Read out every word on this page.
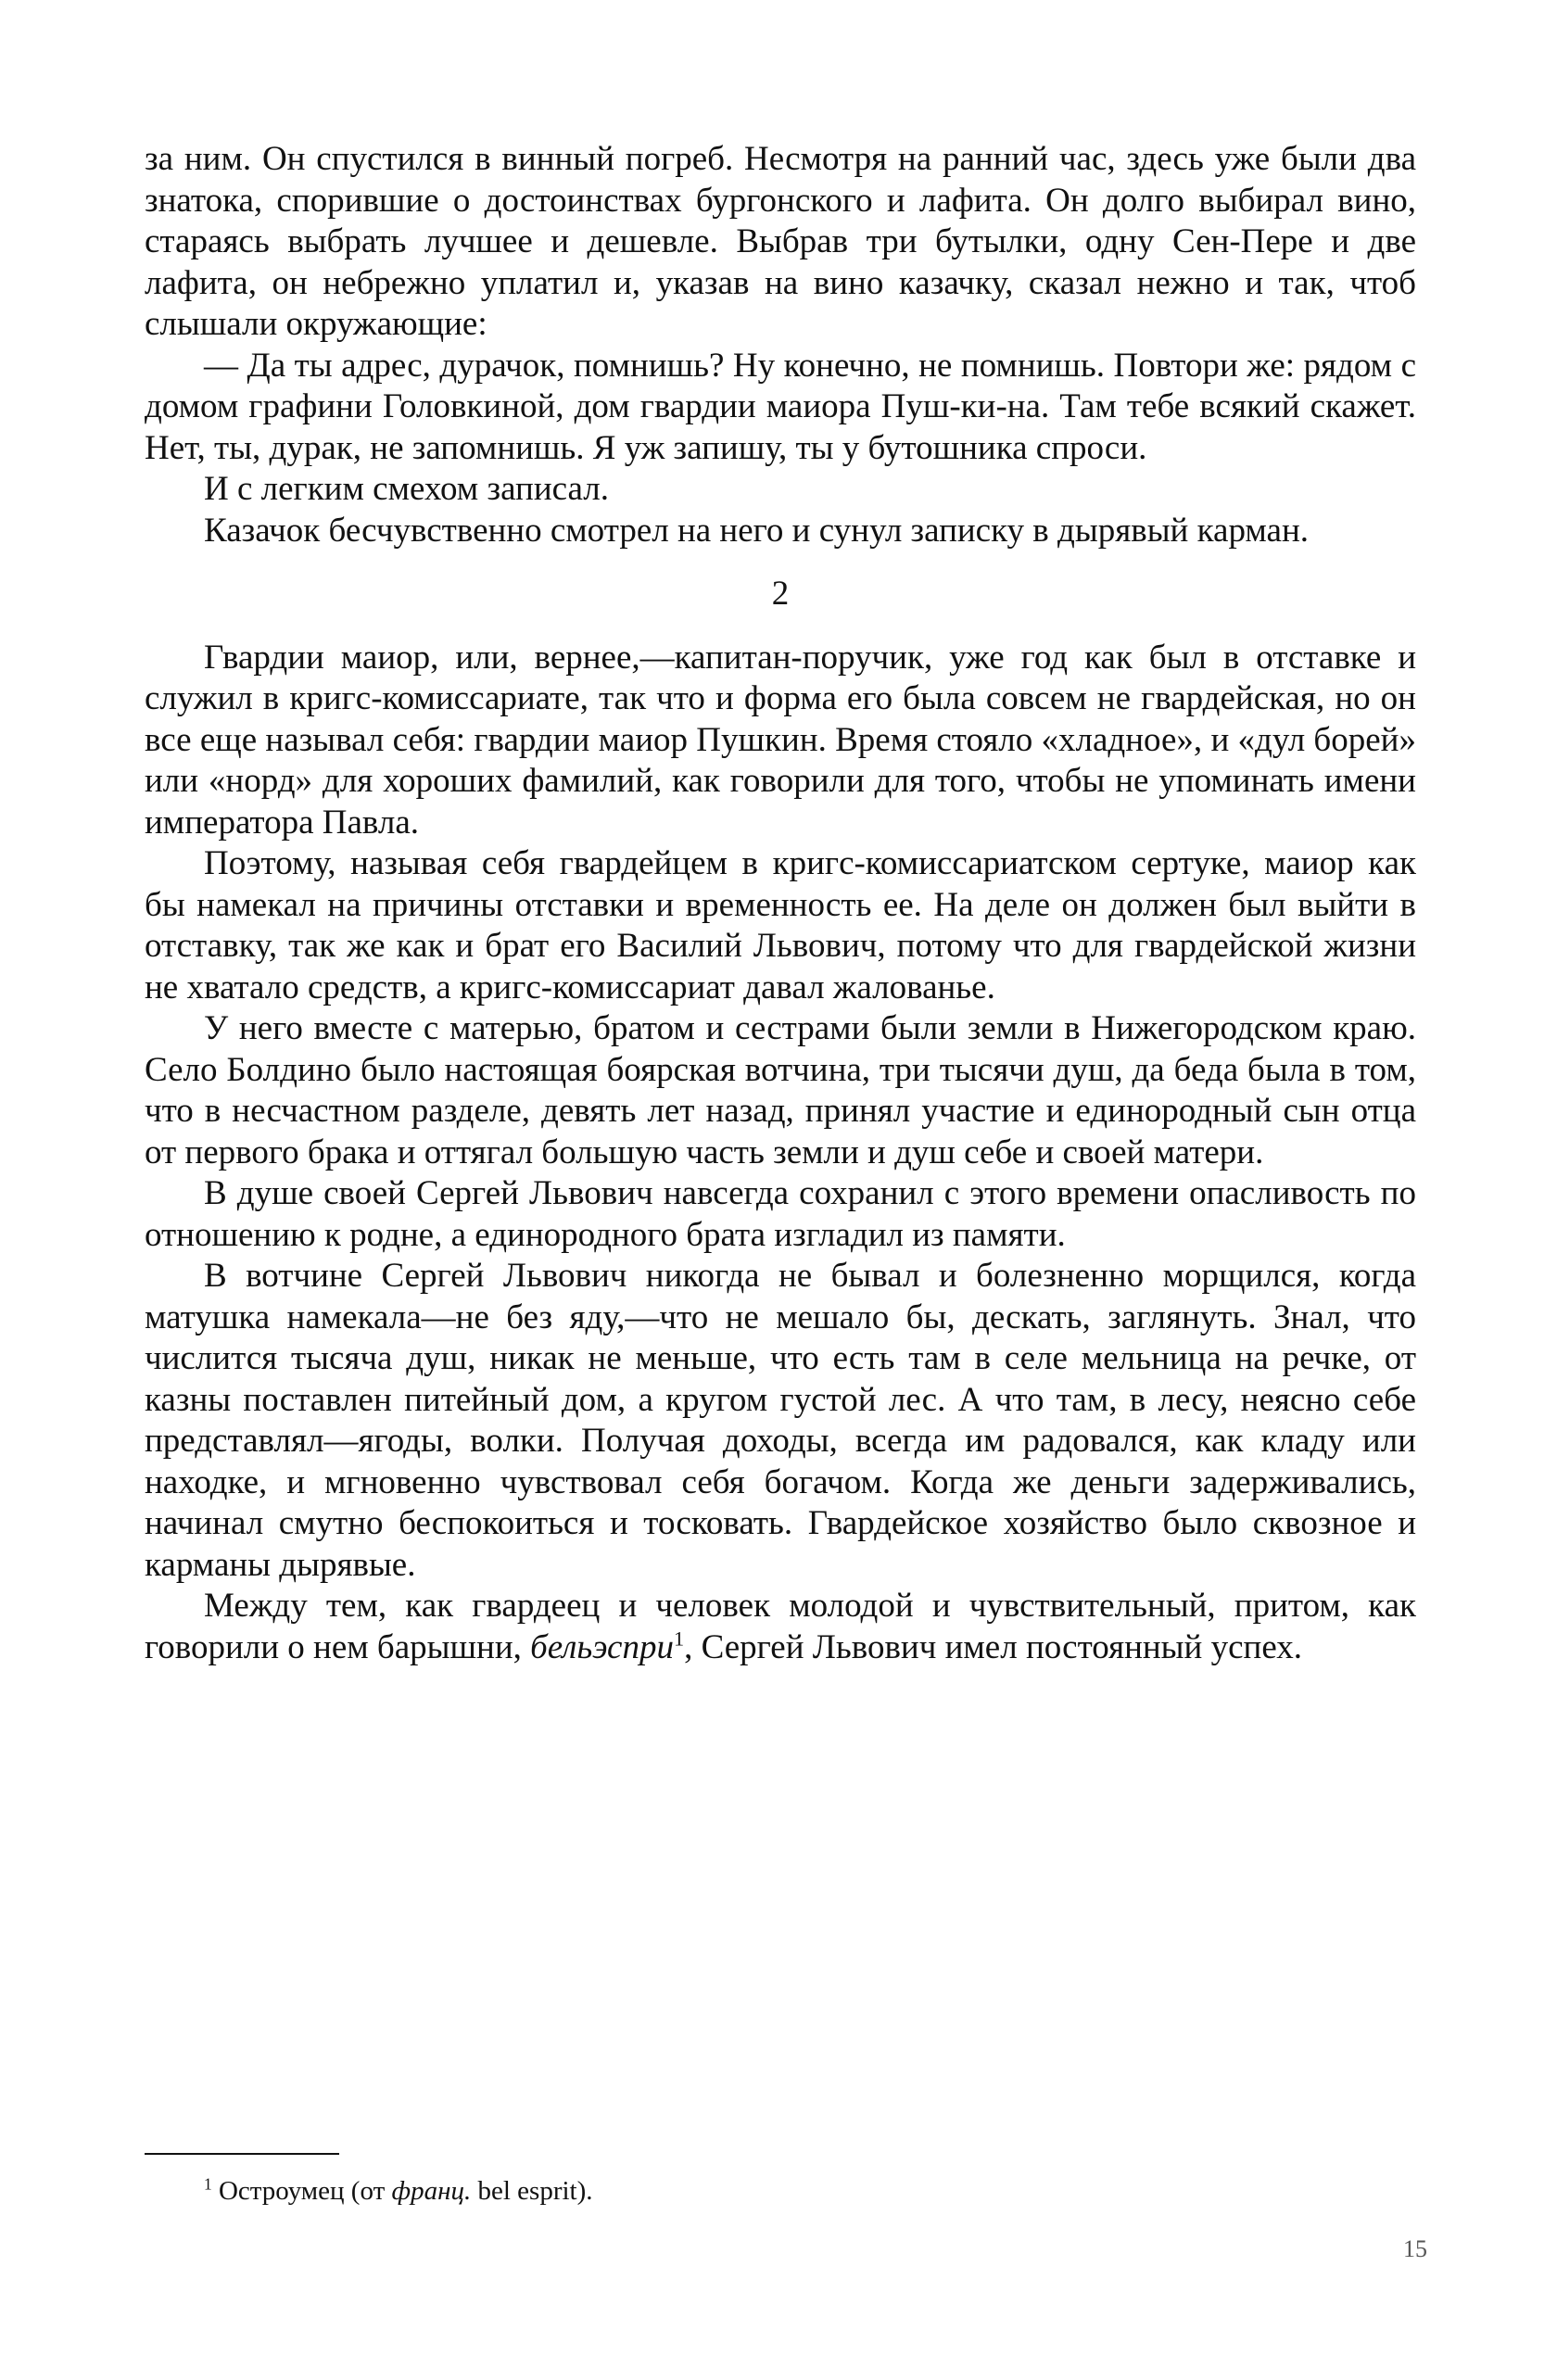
за ним. Он спустился в винный погреб. Несмотря на ранний час, здесь уже были два знатока, спорившие о достоинствах бургонского и лафита. Он долго выбирал вино, стараясь выбрать лучшее и дешевле. Выбрав три бутылки, одну Сен-Пере и две лафита, он небрежно уплатил и, указав на вино казачку, сказал нежно и так, чтоб слышали окружающие:

— Да ты адрес, дурачок, помнишь? Ну конечно, не помнишь. Повтори же: рядом с домом графини Головкиной, дом гвардии маиора Пуш-ки-на. Там тебе всякий скажет. Нет, ты, дурак, не запомнишь. Я уж запишу, ты у бутошника спроси.

И с легким смехом записал.

Казачок бесчувственно смотрел на него и сунул записку в дырявый карман.

2

Гвардии маиор, или, вернее,—капитан-поручик, уже год как был в отставке и служил в кригс-комиссариате, так что и форма его была совсем не гвардейская, но он все еще называл себя: гвардии маиор Пушкин. Время стояло «хладное», и «дул борей» или «норд» для хороших фамилий, как говорили для того, чтобы не упоминать имени императора Павла.

Поэтому, называя себя гвардейцем в кригс-комиссариатском сертуке, маиор как бы намекал на причины отставки и временность ее. На деле он должен был выйти в отставку, так же как и брат его Василий Львович, потому что для гвардейской жизни не хватало средств, а кригс-комиссариат давал жалованье.

У него вместе с матерью, братом и сестрами были земли в Нижегородском краю. Село Болдино было настоящая боярская вотчина, три тысячи душ, да беда была в том, что в несчастном разделе, девять лет назад, принял участие и единородный сын отца от первого брака и оттягал большую часть земли и душ себе и своей матери.

В душе своей Сергей Львович навсегда сохранил с этого времени опасливость по отношению к родне, а единородного брата изгладил из памяти.

В вотчине Сергей Львович никогда не бывал и болезненно морщился, когда матушка намекала—не без яду,—что не мешало бы, дескать, заглянуть. Знал, что числится тысяча душ, никак не меньше, что есть там в селе мельница на речке, от казны поставлен питейный дом, а кругом густой лес. А что там, в лесу, неясно себе представлял—ягоды, волки. Получая доходы, всегда им радовался, как кладу или находке, и мгновенно чувствовал себя богачом. Когда же деньги задерживались, начинал смутно беспокоиться и тосковать. Гвардейское хозяйство было сквозное и карманы дырявые.

Между тем, как гвардеец и человек молодой и чувствительный, притом, как говорили о нем барышни, бельэспри$^1$, Сергей Львович имел постоянный успех.

$^1$ Остроумец (от франц. bel esprit).
15
